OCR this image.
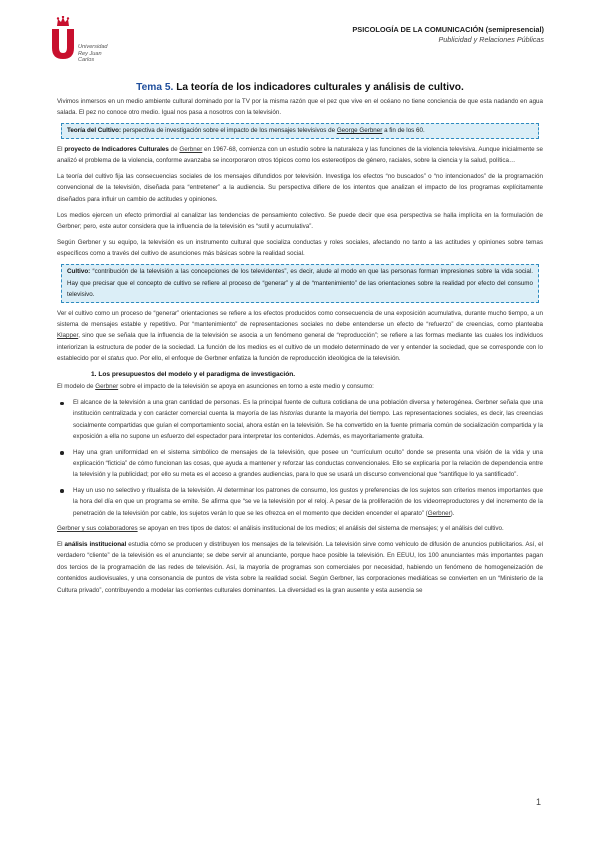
Universidad
Rey Juan Carlos
PSICOLOGÍA DE LA COMUNICACIÓN (semipresencial)
Publicidad y Relaciones Públicas
Tema 5. La teoría de los indicadores culturales y análisis de cultivo.

Vivimos inmersos en un medio ambiente cultural dominado por la TV por la misma razón que el pez que vive en el océano no tiene conciencia de que esta nadando en agua salada. El pez no conoce otro medio. Igual nos pasa a nosotros con la televisión.

Teoría del Cultivo: perspectiva de investigación sobre el impacto de los mensajes televisivos de George Gerbner a fin de los 60.

El proyecto de Indicadores Culturales de Gerbner en 1967-68, comienza con un estudio sobre la naturaleza y las funciones de la violencia televisiva. Aunque inicialmente se analizó el problema de la violencia, conforme avanzaba se incorporaron otros tópicos como los estereotipos de género, raciales, sobre la ciencia y la salud, política…

La teoría del cultivo fija las consecuencias sociales de los mensajes difundidos por televisión. Investiga los efectos “no buscados” o “no intencionados” de la programación convencional de la televisión, diseñada para “entretener” a la audiencia. Su perspectiva difiere de los intentos que analizan el impacto de los programas explícitamente diseñados para influir un cambio de actitudes y opiniones.

Los medios ejercen un efecto primordial al canalizar las tendencias de pensamiento colectivo. Se puede decir que esa perspectiva se halla implícita en la formulación de Gerbner; pero, este autor considera que la influencia de la televisión es “sutil y acumulativa”.

Según Gerbner y su equipo, la televisión es un instrumento cultural que socializa conductas y roles sociales, afectando no tanto a las actitudes y opiniones sobre temas específicos como a través del cultivo de asunciones más básicas sobre la realidad social.

Cultivo: “contribución de la televisión a las concepciones de los televidentes”, es decir, alude al modo en que las personas forman impresiones sobre la vida social. Hay que precisar que el concepto de cultivo se refiere al proceso de “generar” y al de “mantenimiento” de las orientaciones sobre la realidad por efecto del consumo televisivo.

Ver el cultivo como un proceso de “generar” orientaciones se refiere a los efectos producidos como consecuencia de una exposición acumulativa, durante mucho tiempo, a un sistema de mensajes estable y repetitivo. Por “mantenimiento” de representaciones sociales no debe entenderse un efecto de “refuerzo” de creencias, como planteaba Klapper, sino que se señala que la influencia de la televisión se asocia a un fenómeno general de “reproducción”; se refiere a las formas mediante las cuales los individuos interiorizan la estructura de poder de la sociedad. La función de los medios es el cultivo de un modelo determinado de ver y entender la sociedad, que se corresponde con lo establecido por el status quo. Por ello, el enfoque de Gerbner enfatiza la función de reproducción ideológica de la televisión.

1. Los presupuestos del modelo y el paradigma de investigación.

El modelo de Gerbner sobre el impacto de la televisión se apoya en asunciones en torno a este medio y consumo:

El alcance de la televisión a una gran cantidad de personas. Es la principal fuente de cultura cotidiana de una población diversa y heterogénea. Gerbner señala que una institución centralizada y con carácter comercial cuenta la mayoría de las historias durante la mayoría del tiempo. Las representaciones sociales, es decir, las creencias socialmente compartidas que guían el comportamiento social, ahora están en la televisión. Se ha convertido en la fuente primaria común de socialización compartida y la exposición a ella no supone un esfuerzo del espectador para interpretar los contenidos. Además, es mayoritariamente gratuita.

Hay una gran uniformidad en el sistema simbólico de mensajes de la televisión, que posee un “currículum oculto” donde se presenta una visión de la vida y una explicación “ficticia” de cómo funcionan las cosas, que ayuda a mantener y reforzar las conductas convencionales. Ello se explicaría por la relación de dependencia entre la televisión y la publicidad; por ello su meta es el acceso a grandes audiencias, para lo que se usará un discurso convencional que “santifique lo ya santificado”.

Hay un uso no selectivo y ritualista de la televisión. Al determinar los patrones de consumo, los gustos y preferencias de los sujetos son criterios menos importantes que la hora del día en que un programa se emite. Se afirma que “se ve la televisión por el reloj. A pesar de la proliferación de los videorreproductores y del incremento de la penetración de la televisión por cable, los sujetos verán lo que se les ofrezca en el momento que deciden encender el aparato” (Gerbner).

Gerbner y sus colaboradores se apoyan en tres tipos de datos: el análisis institucional de los medios; el análisis del sistema de mensajes; y el análisis del cultivo.

El análisis institucional estudia cómo se producen y distribuyen los mensajes de la televisión. La televisión sirve como vehículo de difusión de anuncios publicitarios. Así, el verdadero “cliente” de la televisión es el anunciante; se debe servir al anunciante, porque hace posible la televisión. En EEUU, los 100 anunciantes más importantes pagan dos tercios de la programación de las redes de televisión. Así, la mayoría de programas son comerciales por necesidad, habiendo un fenómeno de homogeneización de contenidos audiovisuales, y una consonancia de puntos de vista sobre la realidad social. Según Gerbner, las corporaciones mediáticas se convierten en un “Ministerio de la Cultura privado”, contribuyendo a modelar las corrientes culturales dominantes. La diversidad es la gran ausente y esta ausencia se

1
